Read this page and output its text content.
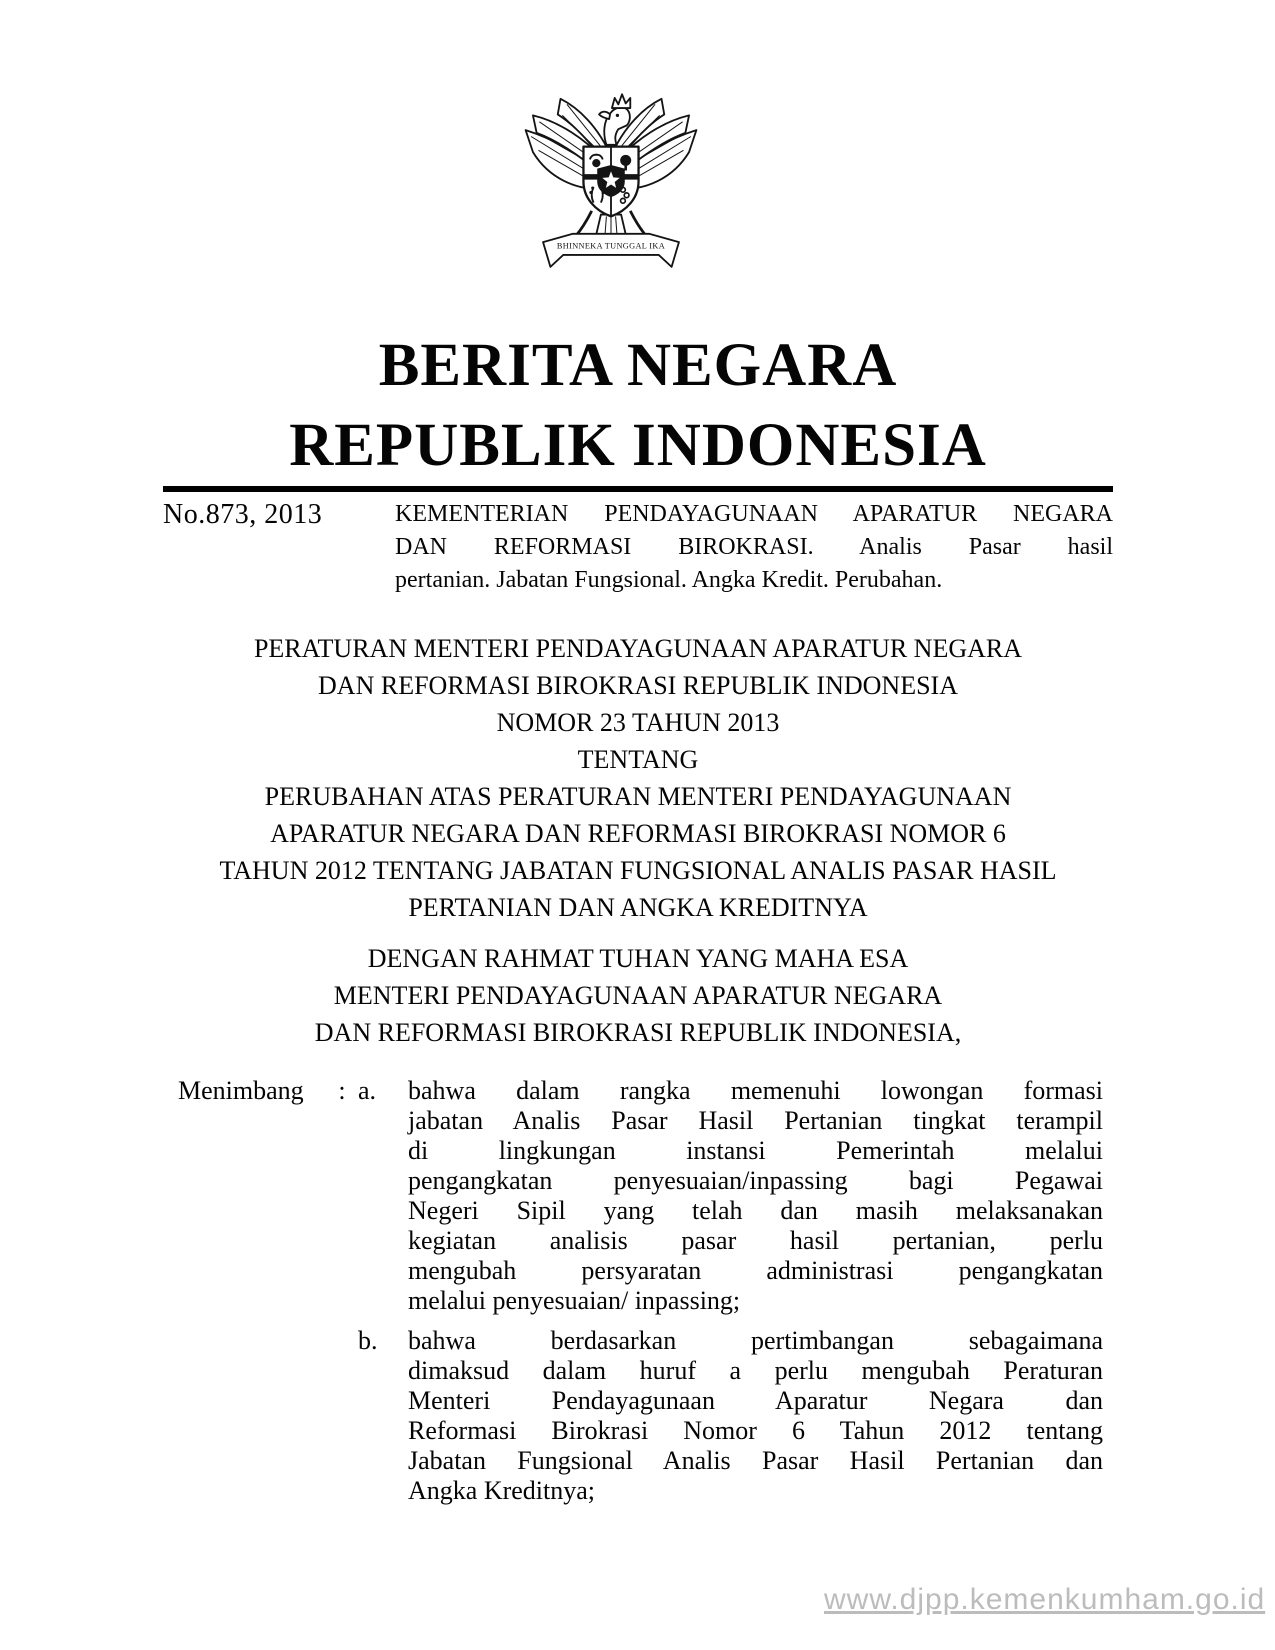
BHINNEKA TUNGGAL IKA
BERITA NEGARA
REPUBLIK INDONESIA
No.873, 2013	KEMENTERIAN PENDAYAGUNAAN APARATUR NEGARA
DAN REFORMASI BIROKRASI. Analis Pasar hasil
pertanian. Jabatan Fungsional. Angka Kredit. Perubahan.
PERATURAN MENTERI PENDAYAGUNAAN APARATUR NEGARA
DAN REFORMASI BIROKRASI REPUBLIK INDONESIA
NOMOR 23 TAHUN 2013
TENTANG
PERUBAHAN ATAS PERATURAN MENTERI PENDAYAGUNAAN
APARATUR NEGARA DAN REFORMASI BIROKRASI NOMOR 6
TAHUN 2012 TENTANG JABATAN FUNGSIONAL ANALIS PASAR HASIL
PERTANIAN DAN ANGKA KREDITNYA
DENGAN RAHMAT TUHAN YANG MAHA ESA
MENTERI PENDAYAGUNAAN APARATUR NEGARA
DAN REFORMASI BIROKRASI REPUBLIK INDONESIA,
Menimbang	: a.	bahwa dalam rangka memenuhi lowongan formasi
jabatan Analis Pasar Hasil Pertanian tingkat terampil
di lingkungan instansi Pemerintah melalui
pengangkatan penyesuaian/inpassing bagi Pegawai
Negeri Sipil yang telah dan masih melaksanakan
kegiatan analisis pasar hasil pertanian, perlu
mengubah persyaratan administrasi pengangkatan
melalui penyesuaian/ inpassing;
b.	bahwa berdasarkan pertimbangan sebagaimana
dimaksud dalam huruf a perlu mengubah Peraturan
Menteri Pendayagunaan Aparatur Negara dan
Reformasi Birokrasi Nomor 6 Tahun 2012 tentang
Jabatan Fungsional Analis Pasar Hasil Pertanian dan
Angka Kreditnya;
www.djpp.kemenkumham.go.id
